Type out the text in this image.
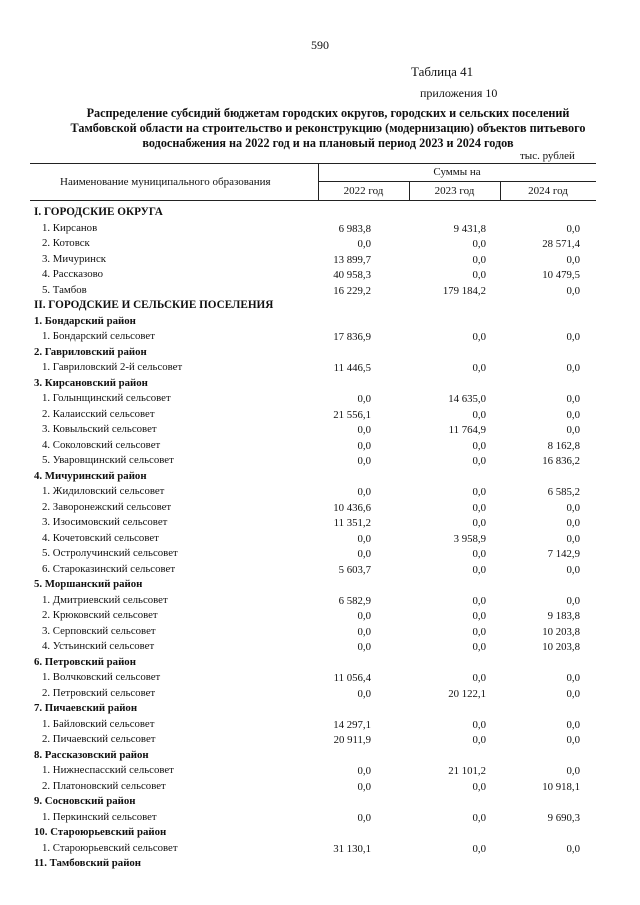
590
Таблица 41
приложения 10
Распределение субсидий бюджетам городских округов, городских и сельских поселений
Тамбовской области на строительство и реконструкцию (модернизацию) объектов питьевого
водоснабжения на 2022 год и на плановый период 2023 и 2024 годов
тыс. рублей
Наименование муниципального образования
Суммы на
2022 год	2023 год	2024 год
I. ГОРОДСКИЕ ОКРУГА
1. Кирсанов	6 983,8	9 431,8	0,0
2. Котовск	0,0	0,0	28 571,4
3. Мичуринск	13 899,7	0,0	0,0
4. Рассказово	40 958,3	0,0	10 479,5
5. Тамбов	16 229,2	179 184,2	0,0
II. ГОРОДСКИЕ И СЕЛЬСКИЕ ПОСЕЛЕНИЯ
1. Бондарский район
1. Бондарский сельсовет	17 836,9	0,0	0,0
2. Гавриловский район
1. Гавриловский 2-й сельсовет	11 446,5	0,0	0,0
3. Кирсановский район
1. Голынщинский сельсовет	0,0	14 635,0	0,0
2. Калаисский сельсовет	21 556,1	0,0	0,0
3. Ковыльский сельсовет	0,0	11 764,9	0,0
4. Соколовский сельсовет	0,0	0,0	8 162,8
5. Уваровщинский сельсовет	0,0	0,0	16 836,2
4. Мичуринский район
1. Жидиловский сельсовет	0,0	0,0	6 585,2
2. Заворонежский сельсовет	10 436,6	0,0	0,0
3. Изосимовский сельсовет	11 351,2	0,0	0,0
4. Кочетовский сельсовет	0,0	3 958,9	0,0
5. Остролучинский сельсовет	0,0	0,0	7 142,9
6. Староказинский сельсовет	5 603,7	0,0	0,0
5. Моршанский район
1. Дмитриевский сельсовет	6 582,9	0,0	0,0
2. Крюковский сельсовет	0,0	0,0	9 183,8
3. Серповский сельсовет	0,0	0,0	10 203,8
4. Устьинский сельсовет	0,0	0,0	10 203,8
6. Петровский район
1. Волчковский сельсовет	11 056,4	0,0	0,0
2. Петровский сельсовет	0,0	20 122,1	0,0
7. Пичаевский район
1. Байловский сельсовет	14 297,1	0,0	0,0
2. Пичаевский сельсовет	20 911,9	0,0	0,0
8. Рассказовский район
1. Нижнеспасский сельсовет	0,0	21 101,2	0,0
2. Платоновский сельсовет	0,0	0,0	10 918,1
9. Сосновский район
1. Перкинский сельсовет	0,0	0,0	9 690,3
10. Староюрьевский район
1. Староюрьевский сельсовет	31 130,1	0,0	0,0
11. Тамбовский район
